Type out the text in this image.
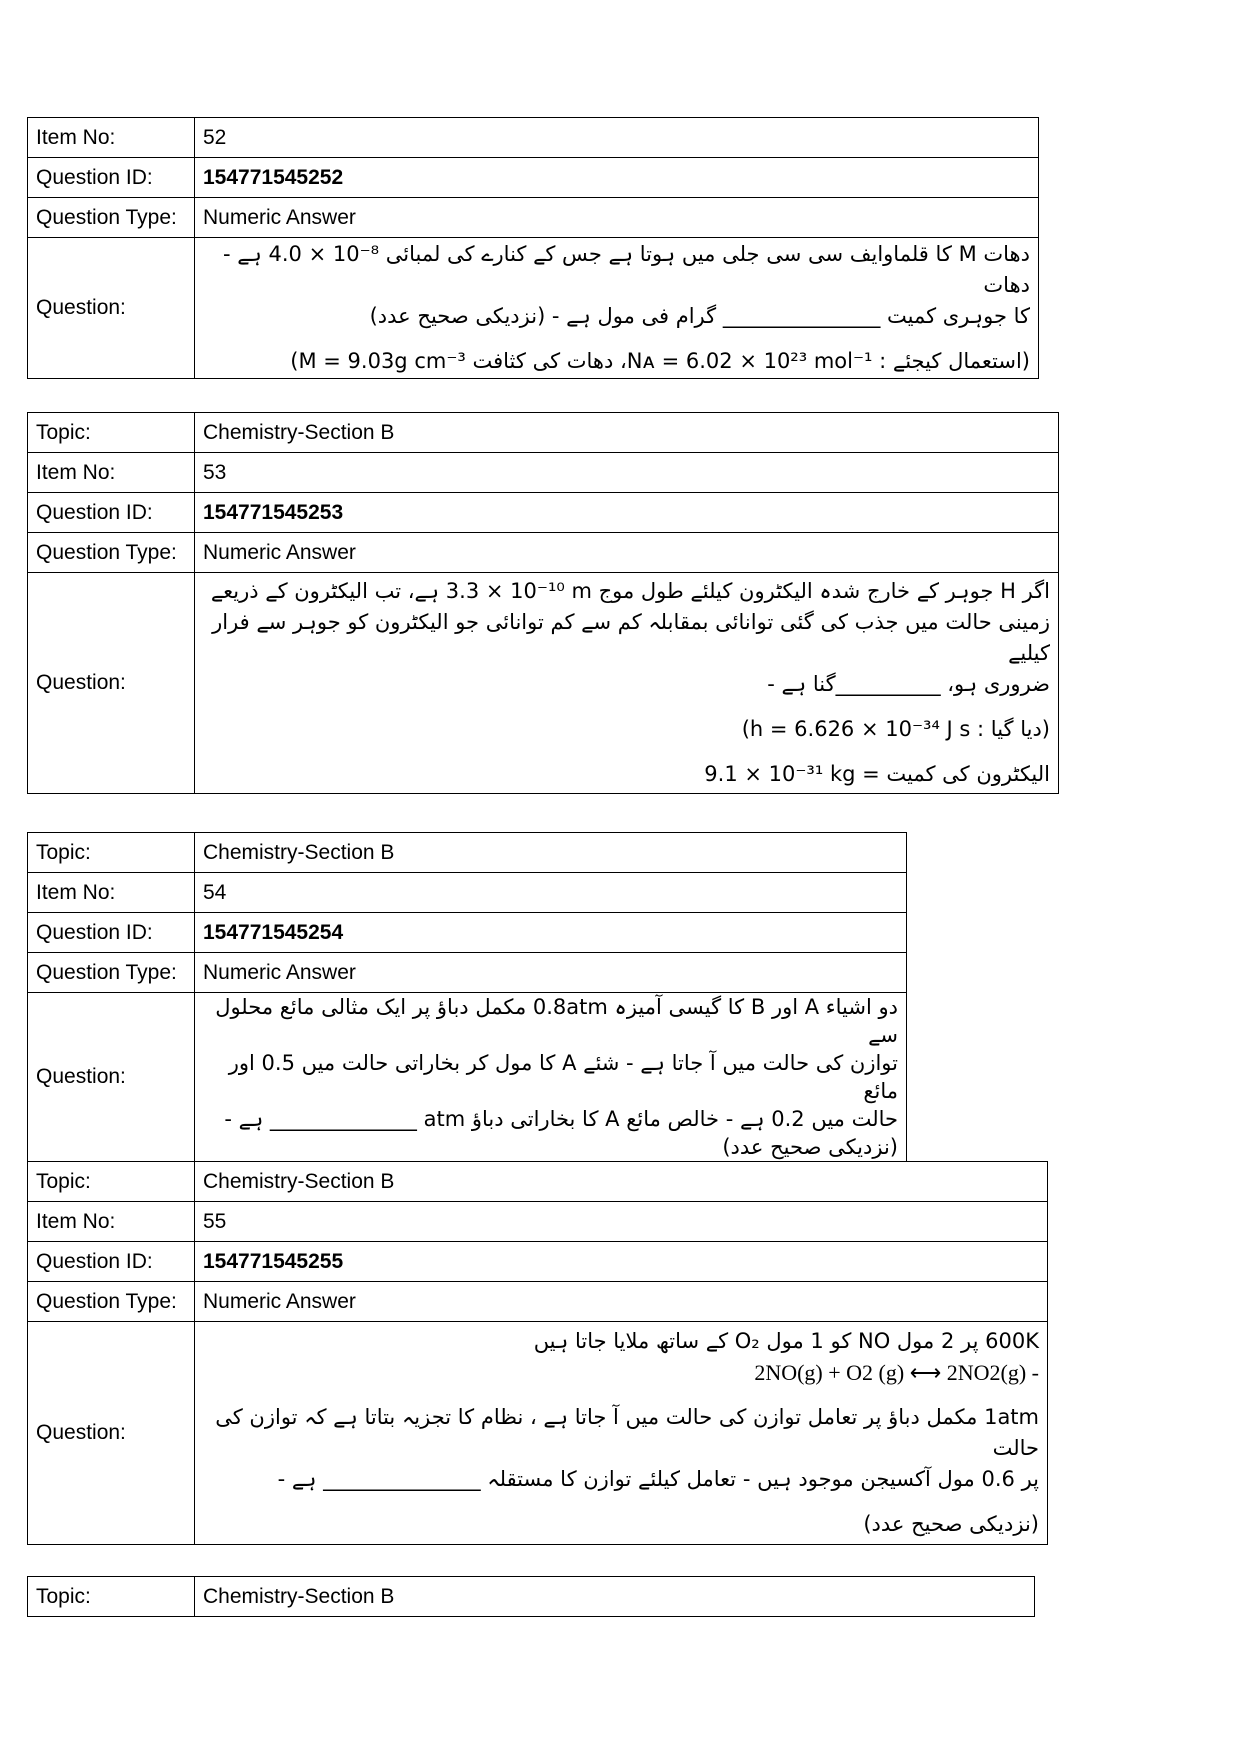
Item No:	52
Question ID:	154771545252
Question Type:	Numeric Answer
Question:	دھات M کا قلماوایف سی سی جلی میں ہوتا ہے جس کے کنارے کی لمبائی ‎4.0 × 10⁻⁸‎ ہے - دھات

کا جوہری کمیت _______________ گرام فی مول ہے - (نزدیکی صحیح عدد)

(استعمال کیجئے : ‎Nᴀ = 6.02 × 10²³ mol⁻¹‎، دھات کی کثافت ‎M = 9.03g cm⁻³‎)

Topic:	Chemistry-Section B
Item No:	53
Question ID:	154771545253
Question Type:	Numeric Answer
Question:	اگر H جوہر کے خارج شدہ الیکٹرون کیلئے طول موج ‎3.3 × 10⁻¹⁰ m‎ ہے، تب الیکٹرون کے ذریعے

زمینی حالت میں جذب کی گئی توانائی بمقابلہ کم سے کم توانائی جو الیکٹرون کو جوہر سے فرار کیلیے

ضروری ہو، __________گنا ہے -

(دیا گیا : ‎h = 6.626 × 10⁻³⁴ J s‎)

الیکٹرون کی کمیت = ‎9.1 × 10⁻³¹ kg‎

Topic:	Chemistry-Section B
Item No:	54
Question ID:	154771545254
Question Type:	Numeric Answer
Question:	دو اشیاء A اور B کا گیسی آمیزہ 0.8atm مکمل دباؤ پر ایک مثالی مائع محلول سے

توازن کی حالت میں آ جاتا ہے - شئے A کا مول کر بخاراتی حالت میں 0.5 اور مائع

حالت میں 0.2 ہے - خالص مائع A کا بخاراتی دباؤ atm ______________ ہے -

(نزدیکی صحیح عدد)

Topic:	Chemistry-Section B
Item No:	55
Question ID:	154771545255
Question Type:	Numeric Answer
Question:	600K پر 2 مول NO کو 1 مول O₂ کے ساتھ ملایا جاتا ہیں

2NO(g) + O2 (g) ⟷ 2NO2(g) -

1atm مکمل دباؤ پر تعامل توازن کی حالت میں آ جاتا ہے ، نظام کا تجزیہ بتاتا ہے کہ توازن کی حالت

پر 0.6 مول آکسیجن موجود ہیں - تعامل کیلئے توازن کا مستقلہ _______________ ہے -

(نزدیکی صحیح عدد)

Topic:	Chemistry-Section B
